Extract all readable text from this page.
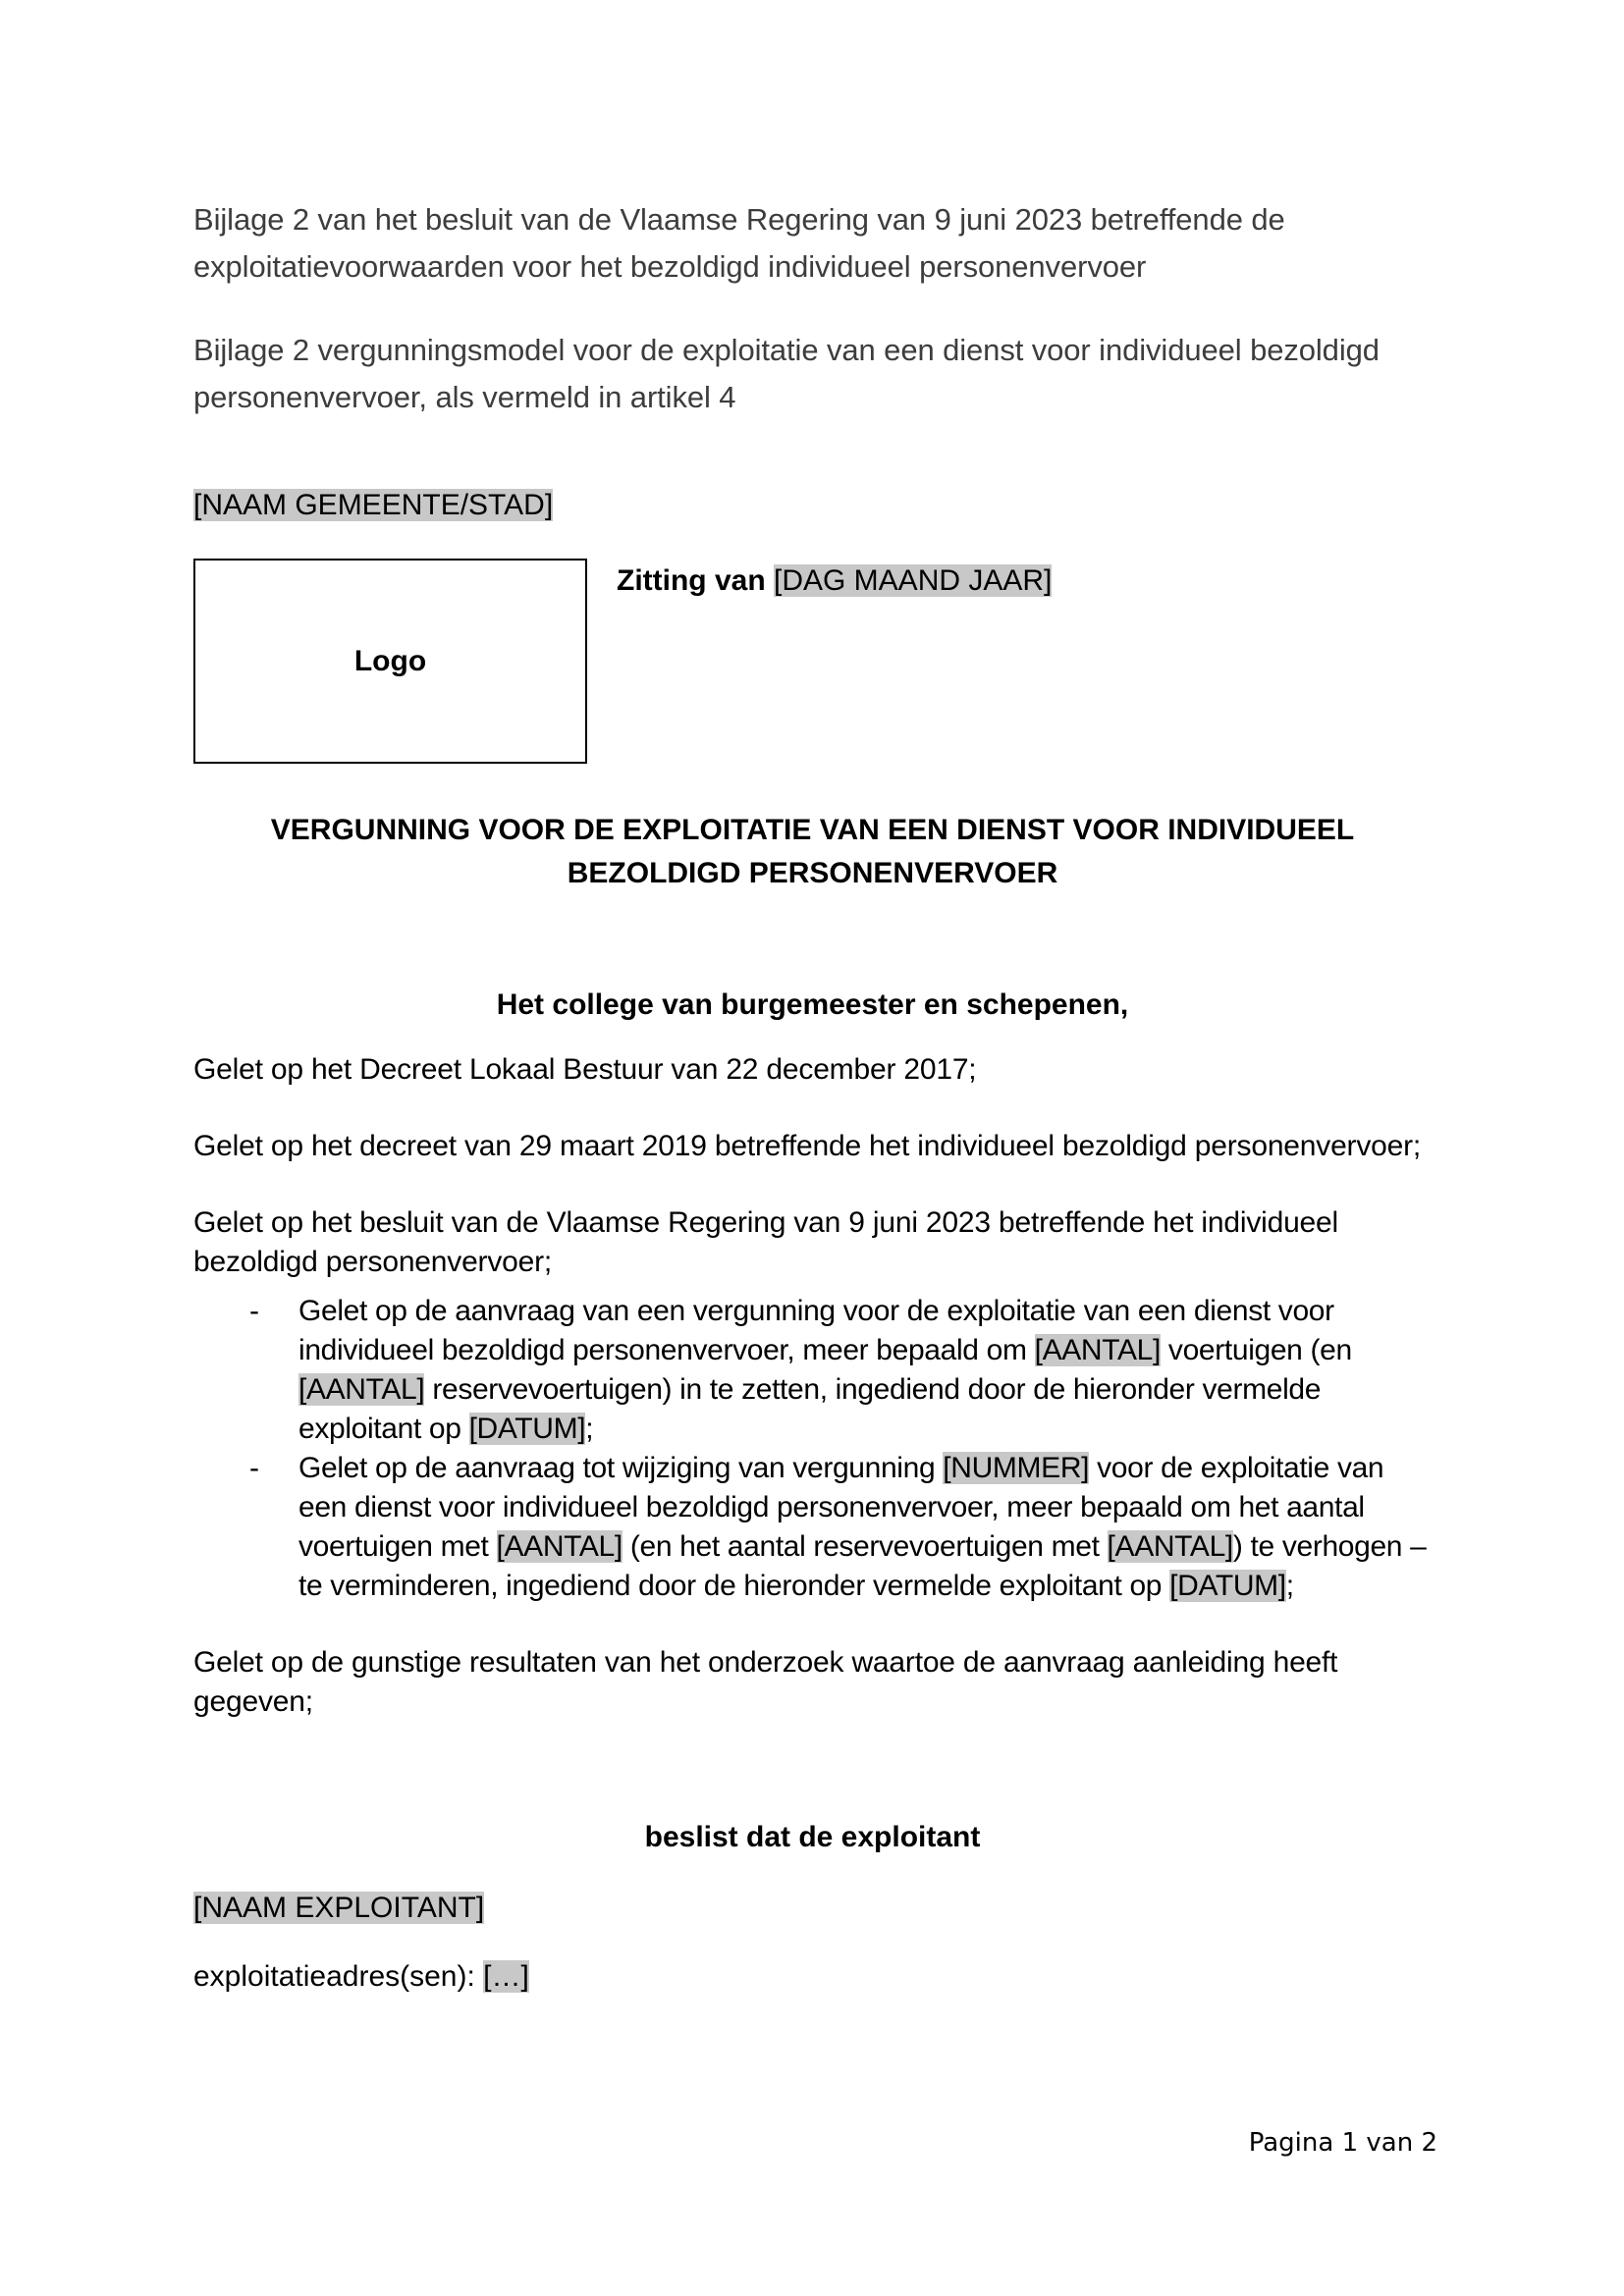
Bijlage 2 van het besluit van de Vlaamse Regering van 9 juni 2023 betreffende de exploitatievoorwaarden voor het bezoldigd individueel personenvervoer

Bijlage 2 vergunningsmodel voor de exploitatie van een dienst voor individueel bezoldigd personenvervoer, als vermeld in artikel 4

[NAAM GEMEENTE/STAD]
Logo
Zitting van [DAG MAAND JAAR]
VERGUNNING VOOR DE EXPLOITATIE VAN EEN DIENST VOOR INDIVIDUEEL
BEZOLDIGD PERSONENVERVOER
Het college van burgemeester en schepenen,

Gelet op het Decreet Lokaal Bestuur van 22 december 2017;

Gelet op het decreet van 29 maart 2019 betreffende het individueel bezoldigd personenvervoer;

Gelet op het besluit van de Vlaamse Regering van 9 juni 2023 betreffende het individueel bezoldigd personenvervoer;

-	Gelet op de aanvraag van een vergunning voor de exploitatie van een dienst voor individueel bezoldigd personenvervoer, meer bepaald om [AANTAL] voertuigen (en [AANTAL] reservevoertuigen) in te zetten, ingediend door de hieronder vermelde exploitant op [DATUM];
-	Gelet op de aanvraag tot wijziging van vergunning [NUMMER] voor de exploitatie van een dienst voor individueel bezoldigd personenvervoer, meer bepaald om het aantal voertuigen met [AANTAL] (en het aantal reservevoertuigen met [AANTAL]) te verhogen – te verminderen, ingediend door de hieronder vermelde exploitant op [DATUM];

Gelet op de gunstige resultaten van het onderzoek waartoe de aanvraag aanleiding heeft gegeven;

beslist dat de exploitant
[NAAM EXPLOITANT]
exploitatieadres(sen): […]
Pagina 1 van 2
